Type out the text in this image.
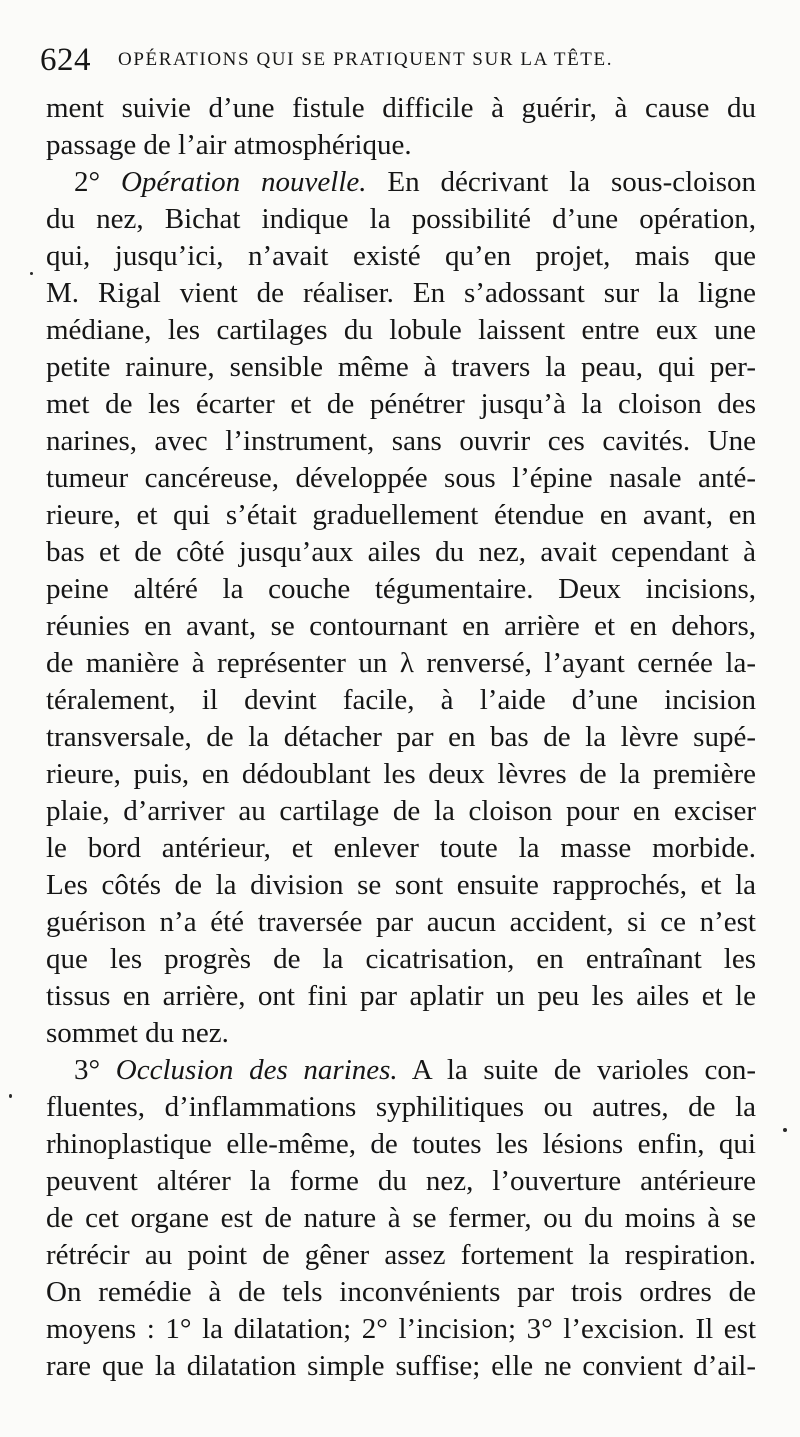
624 OPÉRATIONS QUI SE PRATIQUENT SUR LA TÊTE.
ment suivie d’une fistule difficile à guérir, à cause du
passage de l’air atmosphérique.
2° Opération nouvelle. En décrivant la sous-cloison
du nez, Bichat indique la possibilité d’une opération,
qui, jusqu’ici, n’avait existé qu’en projet, mais que
M. Rigal vient de réaliser. En s’adossant sur la ligne
médiane, les cartilages du lobule laissent entre eux une
petite rainure, sensible même à travers la peau, qui per-
met de les écarter et de pénétrer jusqu’à la cloison des
narines, avec l’instrument, sans ouvrir ces cavités. Une
tumeur cancéreuse, développée sous l’épine nasale anté-
rieure, et qui s’était graduellement étendue en avant, en
bas et de côté jusqu’aux ailes du nez, avait cependant à
peine altéré la couche tégumentaire. Deux incisions,
réunies en avant, se contournant en arrière et en dehors,
de manière à représenter un λ renversé, l’ayant cernée la-
téralement, il devint facile, à l’aide d’une incision
transversale, de la détacher par en bas de la lèvre supé-
rieure, puis, en dédoublant les deux lèvres de la première
plaie, d’arriver au cartilage de la cloison pour en exciser
le bord antérieur, et enlever toute la masse morbide.
Les côtés de la division se sont ensuite rapprochés, et la
guérison n’a été traversée par aucun accident, si ce n’est
que les progrès de la cicatrisation, en entraînant les
tissus en arrière, ont fini par aplatir un peu les ailes et le
sommet du nez.
3° Occlusion des narines. A la suite de varioles con-
fluentes, d’inflammations syphilitiques ou autres, de la
rhinoplastique elle-même, de toutes les lésions enfin, qui
peuvent altérer la forme du nez, l’ouverture antérieure
de cet organe est de nature à se fermer, ou du moins à se
rétrécir au point de gêner assez fortement la respiration.
On remédie à de tels inconvénients par trois ordres de
moyens : 1° la dilatation; 2° l’incision; 3° l’excision. Il est
rare que la dilatation simple suffise; elle ne convient d’ail-
